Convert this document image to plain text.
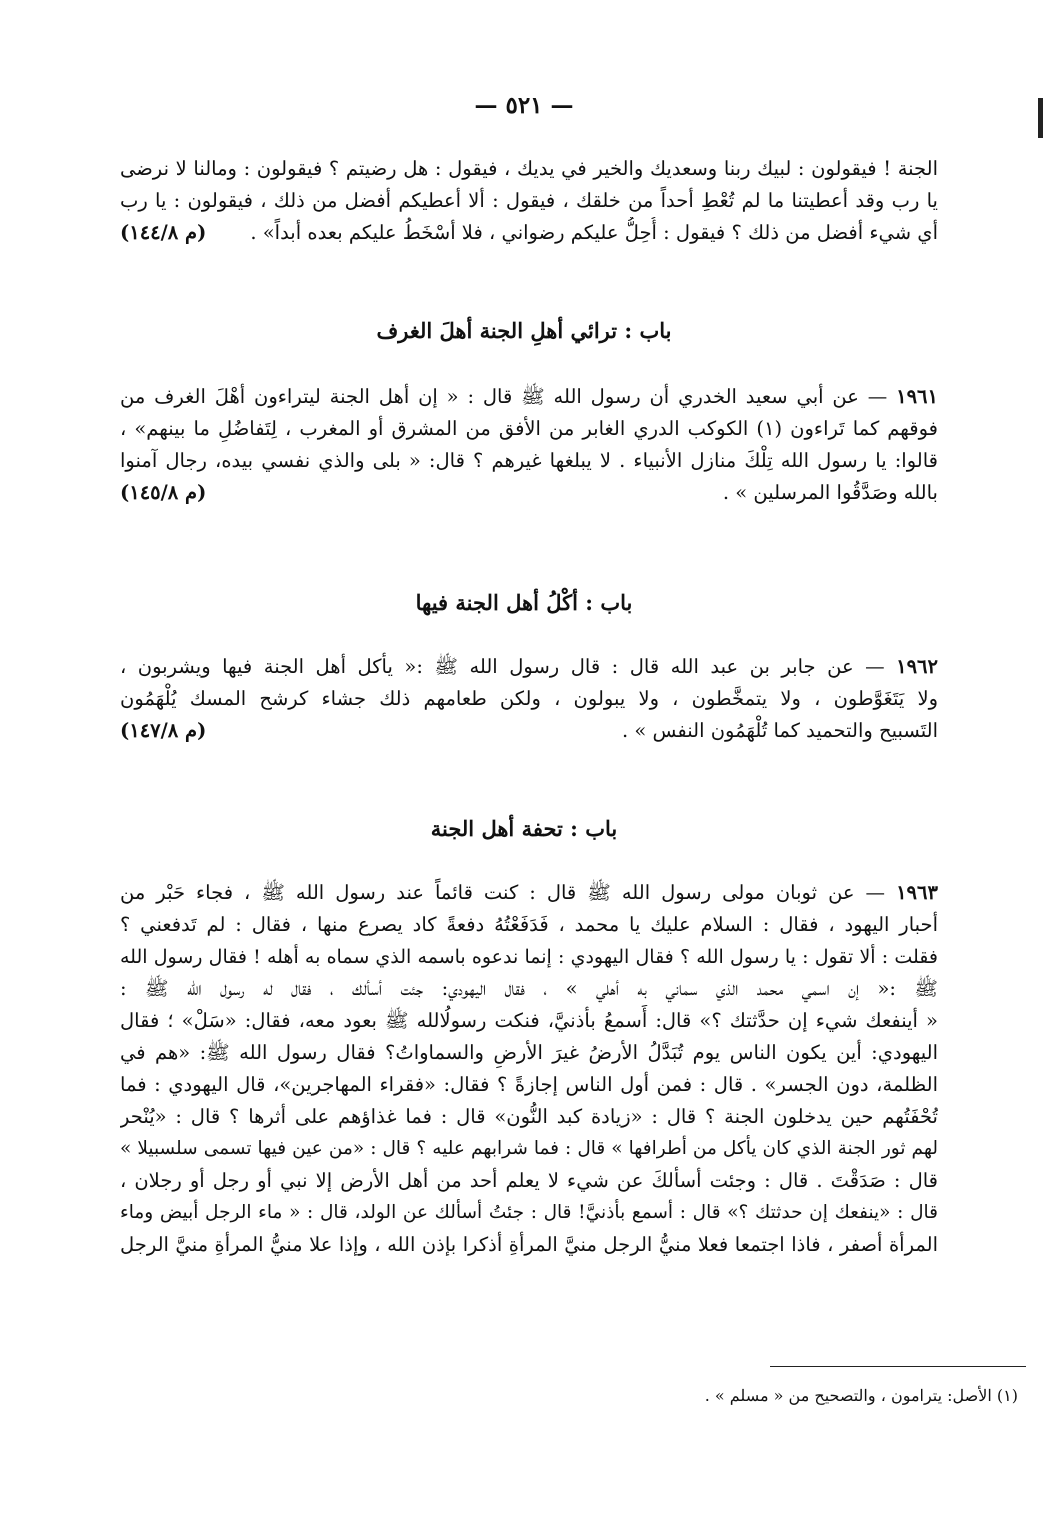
— ٥٢١ —
الجنة ! فيقولون : لبيك ربنا وسعديك والخير في يديك ، فيقول : هل رضيتم ؟ فيقولون : ومالنا لا نرضى
يا رب وقد أعطيتنا ما لم تُعْطِ أحداً من خلقك ، فيقول : ألا أعطيكم أفضل من ذلك ، فيقولون : يا رب
(م ١٤٤/٨) أي شيء أفضل من ذلك ؟ فيقول : أُحِلُّ عليكم رضواني ، فلا أسْخَطُ عليكم بعده أبداً» .
باب : ترائي أهلِ الجنة أهلَ الغرف
١٩٦١ — عن أبي سعيد الخدري أن رسول الله ﷺ قال : « إن أهل الجنة ليتراءون أهْلَ الغرف من
فوقهم كما تَراءون (١) الكوكب الدري الغابر من الأفق من المشرق أو المغرب ، لِتَفاضُلِ ما بينهم» ،
قالوا: يا رسول الله تِلْكَ منازل الأنبياء . لا يبلغها غيرهم ؟ قال: « بلى والذي نفسي بيده، رجال آمنوا
(م ١٤٥/٨)	بالله وصَدَّقُوا المرسلين » .
باب : أكْلُ أهل الجنة فيها
١٩٦٢ — عن جابر بن عبد الله قال : قال رسول الله ﷺ :« يأكل أهل الجنة فيها ويشربون ،
ولا يَتَغَوَّطون ، ولا يتمخَّطون ، ولا يبولون ، ولكن طعامهم ذلك جشاء كرشح المسك يُلْهَمُون
(م ١٤٧/٨)	التَسبيح والتحميد كما تُلْهَمُون النفس » .
باب : تحفة أهل الجنة
١٩٦٣ — عن ثوبان مولى رسول الله ﷺ قال : كنت قائماً عند رسول الله ﷺ ، فجاء حَبْر من
أحبار اليهود ، فقال : السلام عليك يا محمد ، فَدَفَعْتُهُ دفعةً كاد يصرع منها ، فقال : لم تَدفعني ؟
فقلت : ألا تقول : يا رسول الله ؟ فقال اليهودي : إنما ندعوه باسمه الذي سماه به أهله ! فقال رسول الله
ﷺ :« إن اسمي محمد الذي سماني به أهلي » ، فقال اليهودي: جئت أسألك ، فقال له رسول الله ﷺ :
« أينفعك شيء إن حدَّثتك ؟» قال: أَسمعُ بأذنيَّ، فنكت رسولُالله ﷺ بعود معه، فقال: «سَلْ» ؛ فقال
اليهودي: أين يكون الناس يوم تُبَدَّلُ الأرضُ غيرَ الأرضِ والسماواتُ؟ فقال رسول الله ﷺ: «هم في
الظلمة، دون الجسر» . قال : فمن أول الناس إجازةً ؟ فقال: «فقراء المهاجرين»، قال اليهودي : فما
تُحْفَتُهم حين يدخلون الجنة ؟ قال : «زيادة كبد النُّون» قال : فما غذاؤهم على أثرها ؟ قال : «يُنْحر
لهم ثور الجنة الذي كان يأكل من أطرافها » قال : فما شرابهم عليه ؟ قال : «من عين فيها تسمى سلسبيلا »
قال : صَدَقْتَ . قال : وجئت أسألكَ عن شيء لا يعلم أحد من أهل الأرض إلا نبي أو رجل أو رجلان ،
قال : «ينفعك إن حدثتك ؟» قال : أسمع بأذنيَّ! قال : جئتُ أسألك عن الولد، قال : « ماء الرجل أبيض وماء
المرأة أصفر ، فاذا اجتمعا فعلا منيُّ الرجل منيَّ المرأةِ أذكرا بإذن الله ، وإذا علا منيُّ المرأةِ منيَّ الرجل
(١) الأصل: يترامون ، والتصحيح من « مسلم » .
